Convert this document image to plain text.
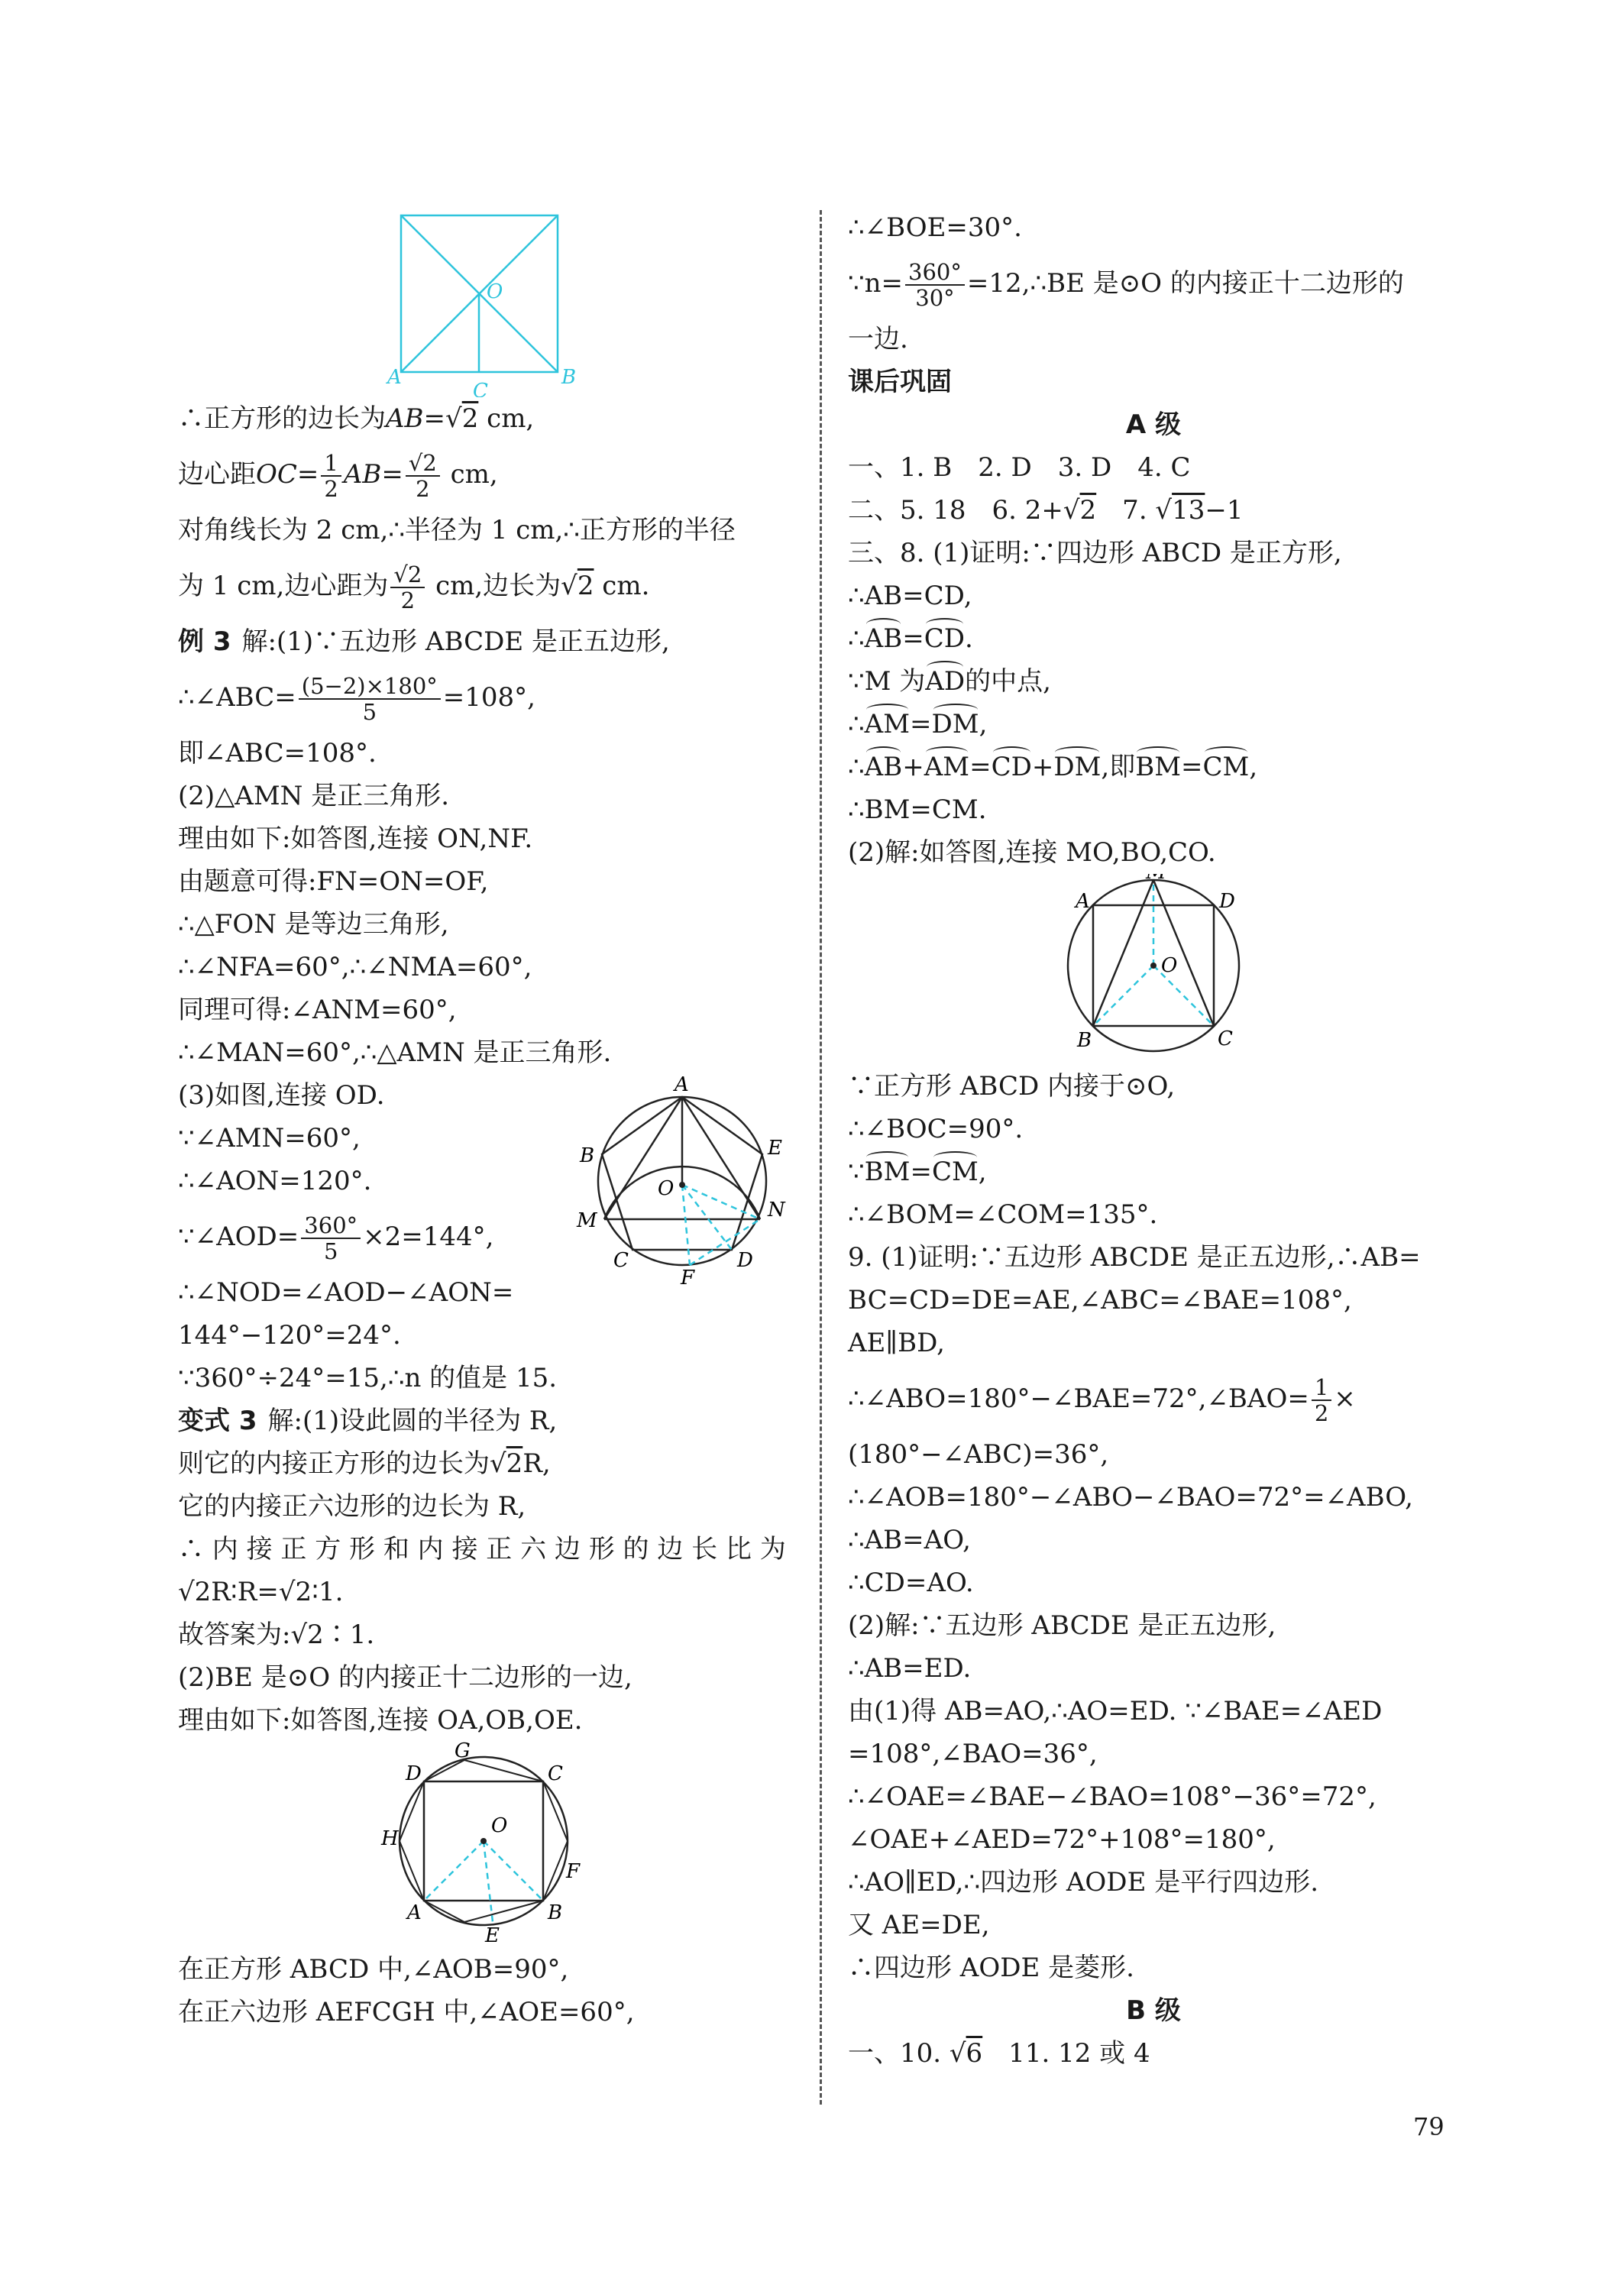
A	B
C
O
∴正方形的边长为AB=√2 cm,
边心距$OC= \frac{1}{2} AB= \frac{√2}{2}$ cm,
对角线长为 2 cm,∴半径为 1 cm,∴正方形的半径
为 1 cm,边心距为 $\frac{√2}{2}$ cm,边长为√2 cm.
例 3 解:(1)∵五边形 ABCDE 是正五边形,
∴∠ABC= $\frac{(5-2)\times 180^\circ}{5} =108^\circ$,
即∠ABC=108°.
(2)△AMN 是正三角形.
理由如下:如答图,连接 ON,NF.
由题意可得:FN=ON=OF,
∴△FON 是等边三角形,
∴∠NFA=60°,∴∠NMA=60°,
同理可得:∠ANM=60°,
∴∠MAN=60°,∴△AMN 是正三角形.
A
B	E
O
M	N
C
F
D
(3)如图,连接 OD.
∵∠AMN=60°,
∴∠AON=120°.
∵∠AOD= $\frac{360^\circ}{5} \times 2=144^\circ$,
∴∠NOD=∠AOD−∠AON=
144°−120°=24°.
∵360°÷24°=15,∴n 的值是 15.
变式 3 解:(1)设此圆的半径为 R,
则它的内接正方形的边长为√2R,
它的内接正六边形的边长为 R,
∴ 内 接 正 方 形 和 内 接 正 六 边 形 的 边 长 比 为
√2R∶R=√2∶1.
故答案为:√2∶1.
(2)BE 是⊙O 的内接正十二边形的一边,
理由如下:如答图,连接 OA,OB,OE.
G
D	C
H
O
F
A
E
B
在正方形 ABCD 中,∠AOB=90°,
在正六边形 AEFCGH 中,∠AOE=60°,
∴∠BOE=30°.
∵n= $\frac{360^\circ}{30^\circ}$ =12,∴BE 是⊙O 的内接正十二边形的
一边.
课后巩固
A 级
一、1. B　2. D　3. D　4. C
二、5. 18　6. 2+√2　7. √13−1
三、8. (1)证明:∵四边形 ABCD 是正方形,
∴AB=CD,
∴AB=CD.
∵M 为AD的中点,
∴AM=DM,
∴AB+AM=CD+DM,即BM=CM,
∴BM=CM.
(2)解:如答图,连接 MO,BO,CO.
A	D
O
B	C
∵正方形 ABCD 内接于⊙O,
∴∠BOC=90°.
∵BM=CM,
∴∠BOM=∠COM=135°.
9. (1)证明:∵五边形 ABCDE 是正五边形,∴AB=
BC=CD=DE=AE,∠ABC=∠BAE=108°,
AE∥BD,
∴∠ABO=180°−∠BAE=72°,∠BAO= $\frac{1}{2}$ ×
(180°−∠ABC)=36°,
∴∠AOB=180°−∠ABO−∠BAO=72°=∠ABO,
∴AB=AO,
∴CD=AO.
(2)解:∵五边形 ABCDE 是正五边形,
∴AB=ED.
由(1)得 AB=AO,∴AO=ED. ∵∠BAE=∠AED
=108°,∠BAO=36°,
∴∠OAE=∠BAE−∠BAO=108°−36°=72°,
∠OAE+∠AED=72°+108°=180°,
∴AO∥ED,∴四边形 AODE 是平行四边形.
又 AE=DE,
∴四边形 AODE 是菱形.
B 级
一、10. √6　11. 12 或 4
79
